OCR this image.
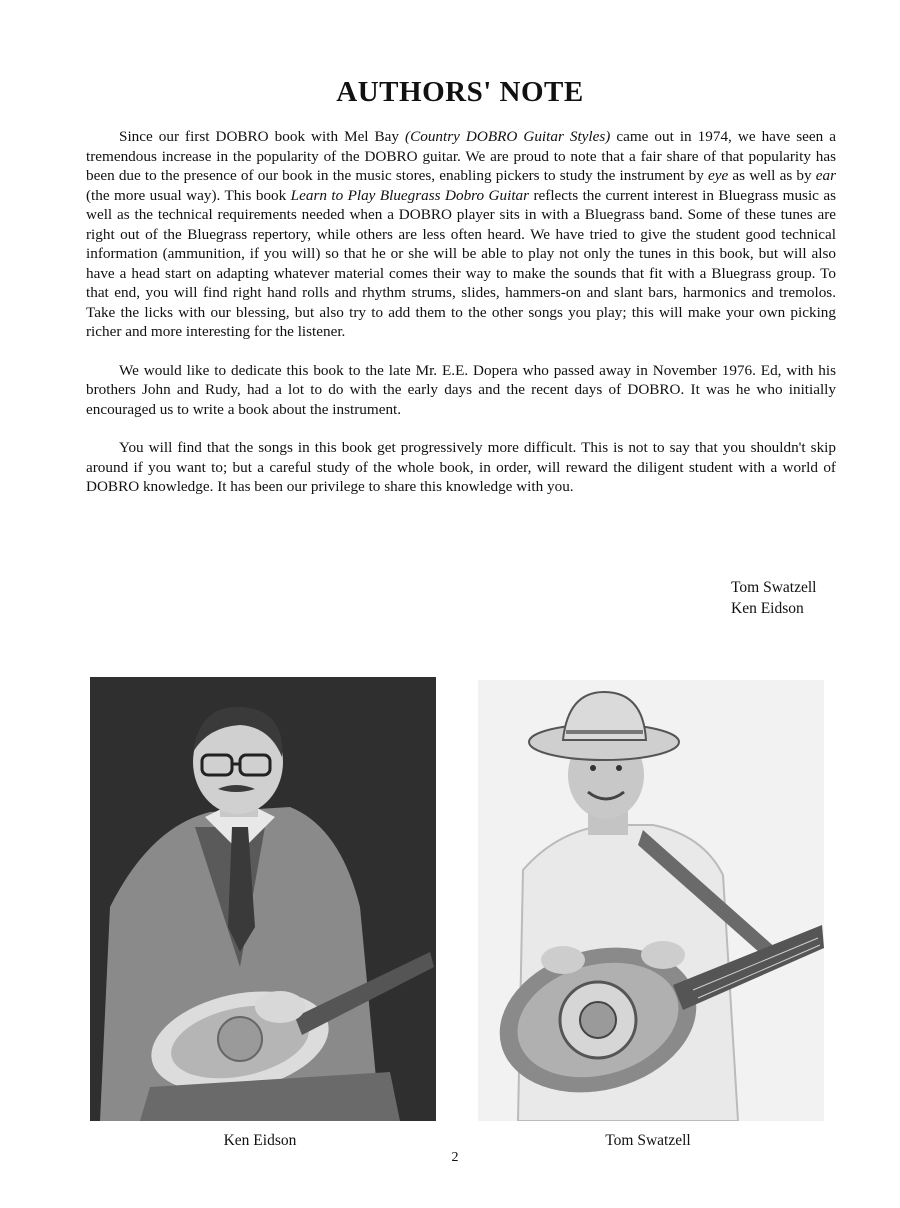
AUTHORS' NOTE

Since our first DOBRO book with Mel Bay (Country DOBRO Guitar Styles) came out in 1974, we have seen a tremendous increase in the popularity of the DOBRO guitar. We are proud to note that a fair share of that popularity has been due to the presence of our book in the music stores, enabling pickers to study the instrument by eye as well as by ear (the more usual way). This book Learn to Play Bluegrass Dobro Guitar reflects the current interest in Bluegrass music as well as the technical requirements needed when a DOBRO player sits in with a Bluegrass band. Some of these tunes are right out of the Bluegrass repertory, while others are less often heard. We have tried to give the student good technical information (ammunition, if you will) so that he or she will be able to play not only the tunes in this book, but will also have a head start on adapting whatever material comes their way to make the sounds that fit with a Bluegrass group. To that end, you will find right hand rolls and rhythm strums, slides, hammers-on and slant bars, harmonics and tremolos. Take the licks with our blessing, but also try to add them to the other songs you play; this will make your own picking richer and more interesting for the listener.

We would like to dedicate this book to the late Mr. E.E. Dopera who passed away in November 1976. Ed, with his brothers John and Rudy, had a lot to do with the early days and the recent days of DOBRO. It was he who initially encouraged us to write a book about the instrument.

You will find that the songs in this book get progressively more difficult. This is not to say that you shouldn't skip around if you want to; but a careful study of the whole book, in order, will reward the diligent student with a world of DOBRO knowledge. It has been our privilege to share this knowledge with you.

Tom Swatzell
Ken Eidson
Ken Eidson	Tom Swatzell
2
